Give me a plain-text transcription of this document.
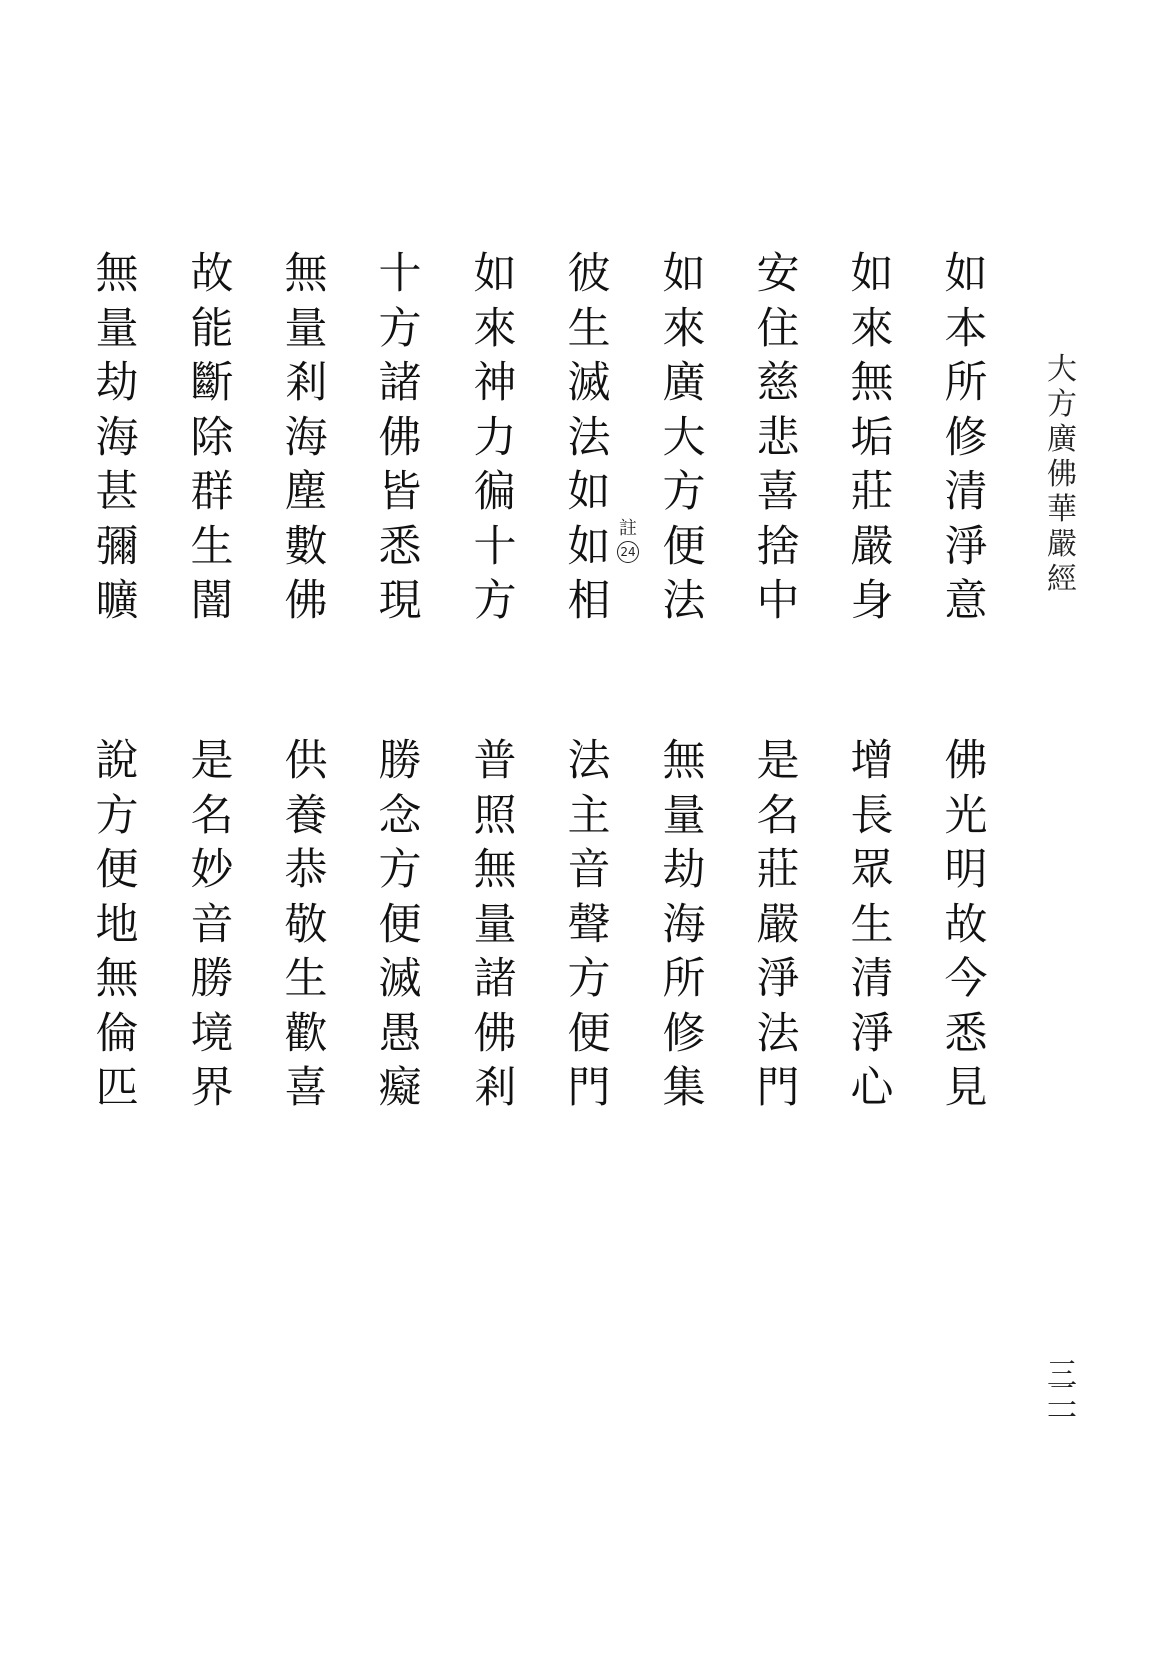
大方廣佛華嚴經
如本所修清淨意
如來無垢莊嚴身
安住慈悲喜捨中
如來廣大方便法
彼生滅法如如相
如來神力徧十方
十方諸佛皆悉現
無量剎海塵數佛
故能斷除群生闇
無量劫海甚彌曠
註
24
佛光明故今悉見
增長眾生清淨心
是名莊嚴淨法門
無量劫海所修集
法主音聲方便門
普照無量諸佛剎
勝念方便滅愚癡
供養恭敬生歡喜
是名妙音勝境界
說方便地無倫匹
三二一
